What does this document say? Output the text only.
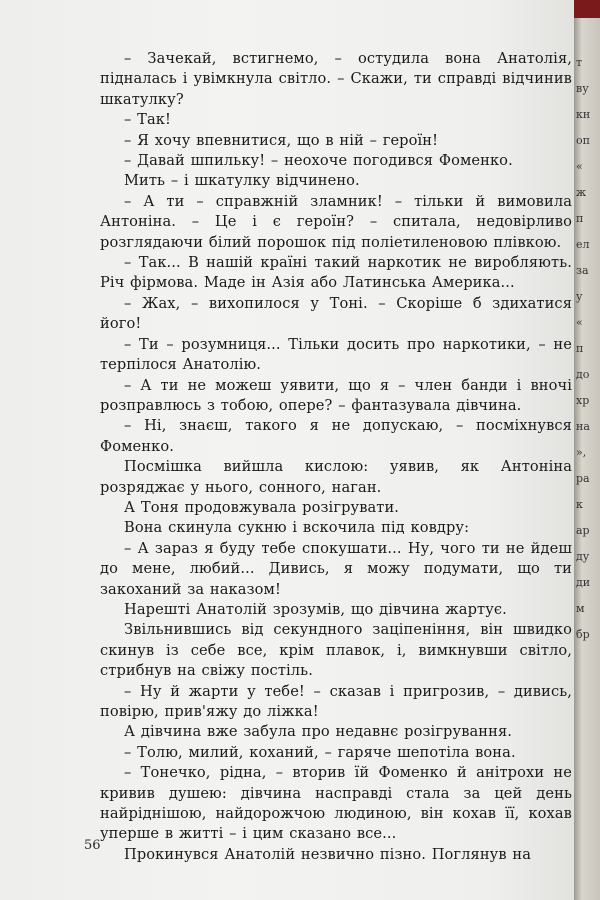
– Зачекай, встигнемо, – остудила вона Анатолія, підналась і увімкнула світло. – Скажи, ти справді відчинив шкатулку?

– Так!

– Я хочу впевнитися, що в ній – героїн!

– Давай шпильку! – неохоче погодився Фоменко.

Мить – і шкатулку відчинено.

– А ти – справжній зламник! – тільки й вимовила Антоніна. – Це і є героїн? – спитала, недовірливо розглядаючи білий порошок під поліетиленовою плівкою.

– Так... В нашій країні такий наркотик не виробляють. Річ фірмова. Маде ін Азія або Латинська Америка...

– Жах, – вихопилося у Тоні. – Скоріше б здихатися його!

– Ти – розумниця... Тільки досить про наркотики, – не терпілося Анатолію.

– А ти не можеш уявити, що я – член банди і вночі розправлюсь з тобою, опере? – фантазувала дівчина.

– Ні, знаєш, такого я не допускаю, – посміхнувся Фоменко.

Посмішка вийшла кислою: уявив, як Антоніна розряджає у нього, сонного, наган.

А Тоня продовжувала розігрувати.

Вона скинула сукню і вскочила під ковдру:

– А зараз я буду тебе спокушати... Ну, чого ти не йдеш до мене, любий... Дивись, я можу подумати, що ти закоханий за наказом!

Нарешті Анатолій зрозумів, що дівчина жартує.

Звільнившись від секундного заціпеніння, він швидко скинув із себе все, крім плавок, і, вимкнувши світло, стрибнув на свіжу постіль.

– Ну й жарти у тебе! – сказав і пригрозив, – дивись, повірю, прив'яжу до ліжка!

А дівчина вже забула про недавнє розігрування.

– Толю, милий, коханий, – гаряче шепотіла вона.

– Тонечко, рідна, – вторив їй Фоменко й анітрохи не кривив душею: дівчина насправді стала за цей день найріднішою, найдорожчою людиною, він кохав її, кохав уперше в житті – і цим сказано все...

Прокинувся Анатолій незвично пізно. Поглянув на

56
т
ву
кн
оп
«
ж
п
ел
за
у
«
п
до
хр
на
»,
ра
к
ар
ду
ди
м
бр
